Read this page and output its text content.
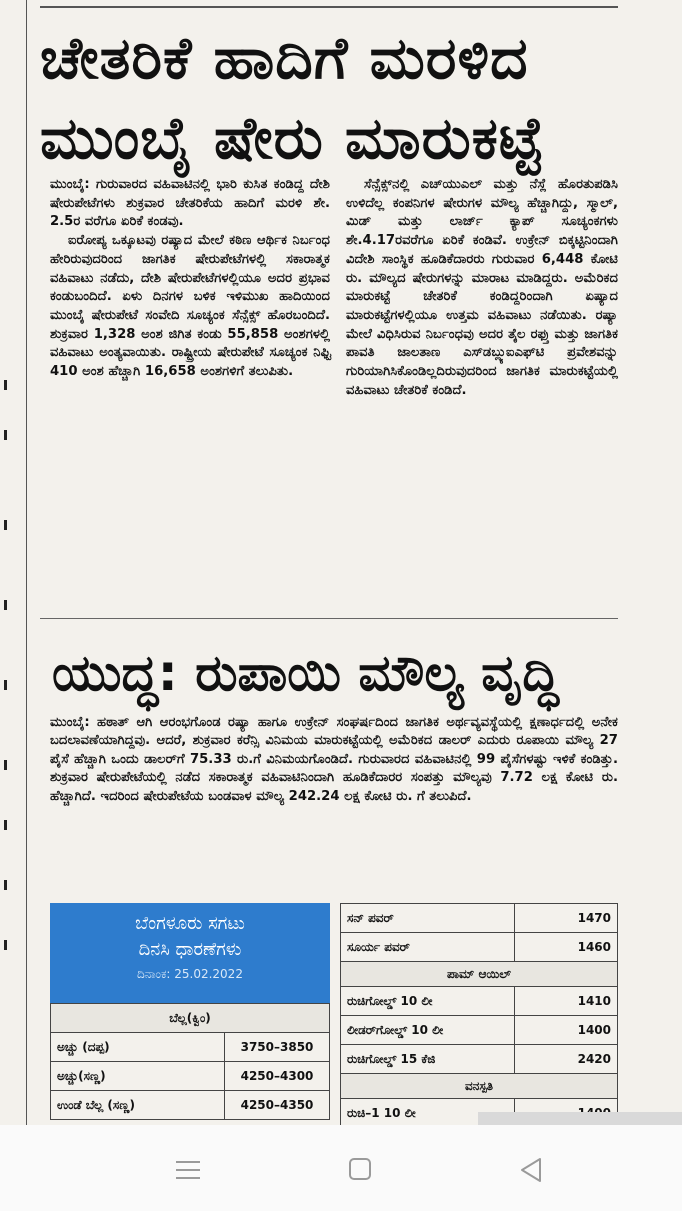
ಚೇತರಿಕೆ ಹಾದಿಗೆ ಮರಳಿದ
ಮುಂಬೈ ಷೇರು ಮಾರುಕಟ್ಟೆ

ಮುಂಬೈ: ಗುರುವಾರದ ವಹಿವಾಟಿನಲ್ಲಿ ಭಾರಿ ಕುಸಿತ ಕಂಡಿದ್ದ ದೇಶಿ ಷೇರುಪೇಟೆಗಳು ಶುಕ್ರವಾರ ಚೇತರಿಕೆಯ ಹಾದಿಗೆ ಮರಳಿ ಶೇ. 2.5ರ ವರೆಗೂ ಏರಿಕೆ ಕಂಡವು.

ಐರೋಪ್ಯ ಒಕ್ಕೂಟವು ರಷ್ಯಾದ ಮೇಲೆ ಕಠಿಣ ಆರ್ಥಿಕ ನಿರ್ಬಂಧ ಹೇರಿರುವುದರಿಂದ ಜಾಗತಿಕ ಷೇರುಪೇಟೆಗಳಲ್ಲಿ ಸಕಾರಾತ್ಮಕ ವಹಿವಾಟು ನಡೆದು, ದೇಶಿ ಷೇರುಪೇಟೆಗಳಲ್ಲಿಯೂ ಅದರ ಪ್ರಭಾವ ಕಂಡುಬಂದಿದೆ. ಏಳು ದಿನಗಳ ಬಳಿಕ ಇಳಿಮುಖ ಹಾದಿಯಿಂದ ಮುಂಬೈ ಷೇರುಪೇಟೆ ಸಂವೇದಿ ಸೂಚ್ಯಂಕ ಸೆನ್ಸೆಕ್ಸ್ ಹೊರಬಂದಿದೆ. ಶುಕ್ರವಾರ 1,328 ಅಂಶ ಜಿಗಿತ ಕಂಡು 55,858 ಅಂಶಗಳಲ್ಲಿ ವಹಿವಾಟು ಅಂತ್ಯವಾಯಿತು. ರಾಷ್ಟ್ರೀಯ ಷೇರುಪೇಟೆ ಸೂಚ್ಯಂಕ ನಿಫ್ಟಿ 410 ಅಂಶ ಹೆಚ್ಚಾಗಿ 16,658 ಅಂಶಗಳಿಗೆ ತಲುಪಿತು.

ಸೆನ್ಸೆಕ್ಸ್‌ನಲ್ಲಿ ಎಚ್‌ಯುಎಲ್ ಮತ್ತು ನೆಸ್ಲೆ ಹೊರತುಪಡಿಸಿ ಉಳಿದೆಲ್ಲ ಕಂಪನಿಗಳ ಷೇರುಗಳ ಮೌಲ್ಯ ಹೆಚ್ಚಾಗಿದ್ದು, ಸ್ಮಾಲ್, ಮಿಡ್ ಮತ್ತು ಲಾರ್ಜ್ ಕ್ಯಾಪ್ ಸೂಚ್ಯಂಕಗಳು ಶೇ.4.17ರವರೆಗೂ ಏರಿಕೆ ಕಂಡಿವೆ. ಉಕ್ರೇನ್ ಬಿಕ್ಕಟ್ಟಿನಿಂದಾಗಿ ವಿದೇಶಿ ಸಾಂಸ್ಥಿಕ ಹೂಡಿಕೆದಾರರು ಗುರುವಾರ 6,448 ಕೋಟಿ ರು. ಮೌಲ್ಯದ ಷೇರುಗಳನ್ನು ಮಾರಾಟ ಮಾಡಿದ್ದರು. ಅಮೆರಿಕದ ಮಾರುಕಟ್ಟೆ ಚೇತರಿಕೆ ಕಂಡಿದ್ದರಿಂದಾಗಿ ಏಷ್ಯಾದ ಮಾರುಕಟ್ಟೆಗಳಲ್ಲಿಯೂ ಉತ್ತಮ ವಹಿವಾಟು ನಡೆಯಿತು. ರಷ್ಯಾ ಮೇಲೆ ವಿಧಿಸಿರುವ ನಿರ್ಬಂಧವು ಅದರ ತೈಲ ರಫ್ತು ಮತ್ತು ಜಾಗತಿಕ ಪಾವತಿ ಜಾಲತಾಣ ಎಸ್‌ಡಬ್ಲ್ಯುಐಎಫ್‌ಟಿ ಪ್ರವೇಶವನ್ನು ಗುರಿಯಾಗಿಸಿಕೊಂಡಿಲ್ಲದಿರುವುದರಿಂದ ಜಾಗತಿಕ ಮಾರುಕಟ್ಟೆಯಲ್ಲಿ ವಹಿವಾಟು ಚೇತರಿಕೆ ಕಂಡಿದೆ.

ಯುದ್ಧ: ರುಪಾಯಿ ಮೌಲ್ಯ ವೃದ್ಧಿ
ಮುಂಬೈ: ಹಠಾತ್ ಆಗಿ ಆರಂಭಗೊಂಡ ರಷ್ಯಾ ಹಾಗೂ ಉಕ್ರೇನ್ ಸಂಘರ್ಷದಿಂದ ಜಾಗತಿಕ ಅರ್ಥವ್ಯವಸ್ಥೆಯಲ್ಲಿ ಕ್ಷಣಾರ್ಧದಲ್ಲಿ ಅನೇಕ ಬದಲಾವಣೆಯಾಗಿದ್ದವು. ಆದರೆ, ಶುಕ್ರವಾರ ಕರೆನ್ಸಿ ವಿನಿಮಯ ಮಾರುಕಟ್ಟೆಯಲ್ಲಿ ಅಮೆರಿಕದ ಡಾಲರ್ ಎದುರು ರೂಪಾಯಿ ಮೌಲ್ಯ 27 ಪೈಸೆ ಹೆಚ್ಚಾಗಿ ಒಂದು ಡಾಲರ್‌ಗೆ 75.33 ರು.ಗೆ ವಿನಿಮಯಗೊಂಡಿದೆ. ಗುರುವಾರದ ವಹಿವಾಟಿನಲ್ಲಿ 99 ಪೈಸೆಗಳಷ್ಟು ಇಳಿಕೆ ಕಂಡಿತ್ತು. ಶುಕ್ರವಾರ ಷೇರುಪೇಟೆಯಲ್ಲಿ ನಡೆದ ಸಕಾರಾತ್ಮಕ ವಹಿವಾಟಿನಿಂದಾಗಿ ಹೂಡಿಕೆದಾರರ ಸಂಪತ್ತು ಮೌಲ್ಯವು 7.72 ಲಕ್ಷ ಕೋಟಿ ರು. ಹೆಚ್ಚಾಗಿದೆ. ಇದರಿಂದ ಷೇರುಪೇಟೆಯ ಬಂಡವಾಳ ಮೌಲ್ಯ 242.24 ಲಕ್ಷ ಕೋಟಿ ರು. ಗೆ ತಲುಪಿದೆ.
ಬೆಂಗಳೂರು ಸಗಟು
ದಿನಸಿ ಧಾರಣೆಗಳು
ದಿನಾಂಕ: 25.02.2022
ಬೆಲ್ಲ(ಕ್ವಿಂ)	
ಅಚ್ಚು (ದಪ್ಪ)	3750–3850
ಅಚ್ಚು(ಸಣ್ಣ)	4250–4300
ಉಂಡೆ ಬೆಲ್ಲ (ಸಣ್ಣ)	4250–4350
ಸನ್ ಪವರ್	1470
ಸೂರ್ಯ ಪವರ್	1460
ಪಾಮ್ ಆಯಿಲ್	
ರುಚಿಗೋಲ್ಡ್ 10 ಲೀ	1410
ಲೀಡರ್‌ಗೋಲ್ಡ್ 10 ಲೀ	1400
ರುಚಿಗೋಲ್ಡ್ 15 ಕೆಜಿ	2420
ವನಸ್ಪತಿ	
ರುಚಿ–1 10 ಲೀ	
